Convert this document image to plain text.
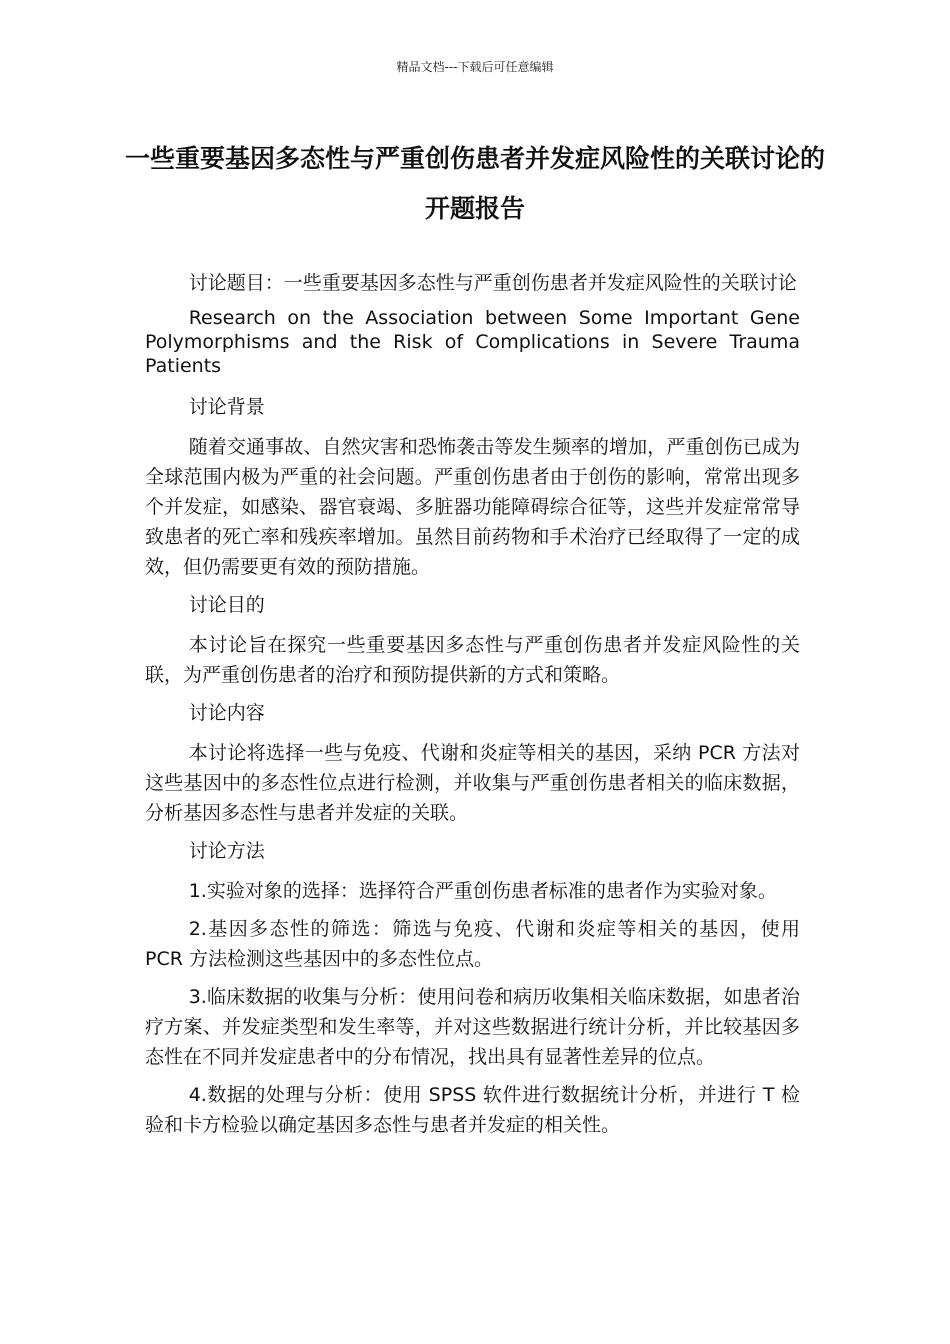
精品文档---下载后可任意编辑
一些重要基因多态性与严重创伤患者并发症风险性的关联讨论的开题报告

讨论题目：一些重要基因多态性与严重创伤患者并发症风险性的关联讨论

Research on the Association between Some Important Gene Polymorphisms and the Risk of Complications in Severe Trauma Patients

讨论背景

随着交通事故、自然灾害和恐怖袭击等发生频率的增加，严重创伤已成为全球范围内极为严重的社会问题。严重创伤患者由于创伤的影响，常常出现多个并发症，如感染、器官衰竭、多脏器功能障碍综合征等，这些并发症常常导致患者的死亡率和残疾率增加。虽然目前药物和手术治疗已经取得了一定的成效，但仍需要更有效的预防措施。

讨论目的

本讨论旨在探究一些重要基因多态性与严重创伤患者并发症风险性的关联，为严重创伤患者的治疗和预防提供新的方式和策略。

讨论内容

本讨论将选择一些与免疫、代谢和炎症等相关的基因，采纳 PCR 方法对这些基因中的多态性位点进行检测，并收集与严重创伤患者相关的临床数据，分析基因多态性与患者并发症的关联。

讨论方法

1.实验对象的选择：选择符合严重创伤患者标准的患者作为实验对象。

2.基因多态性的筛选：筛选与免疫、代谢和炎症等相关的基因，使用 PCR 方法检测这些基因中的多态性位点。

3.临床数据的收集与分析：使用问卷和病历收集相关临床数据，如患者治疗方案、并发症类型和发生率等，并对这些数据进行统计分析，并比较基因多态性在不同并发症患者中的分布情况，找出具有显著性差异的位点。

4.数据的处理与分析：使用 SPSS 软件进行数据统计分析，并进行 T 检验和卡方检验以确定基因多态性与患者并发症的相关性。
